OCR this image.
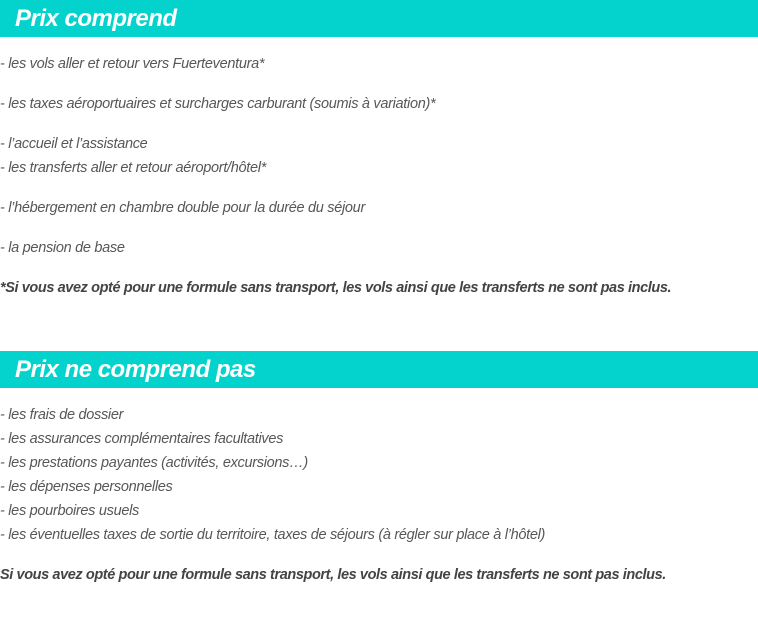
Prix comprend
- les vols aller et retour vers Fuerteventura*
- les taxes aéroportuaires et surcharges carburant (soumis à variation)*
- l’accueil et l’assistance
- les transferts aller et retour aéroport/hôtel*
- l’hébergement en chambre double pour la durée du séjour
- la pension de base
*Si vous avez opté pour une formule sans transport, les vols ainsi que les transferts ne sont pas inclus.
Prix ne comprend pas
- les frais de dossier
- les assurances complémentaires facultatives
- les prestations payantes (activités, excursions…)
- les dépenses personnelles
- les pourboires usuels
- les éventuelles taxes de sortie du territoire, taxes de séjours (à régler sur place à l’hôtel)
Si vous avez opté pour une formule sans transport, les vols ainsi que les transferts ne sont pas inclus.
